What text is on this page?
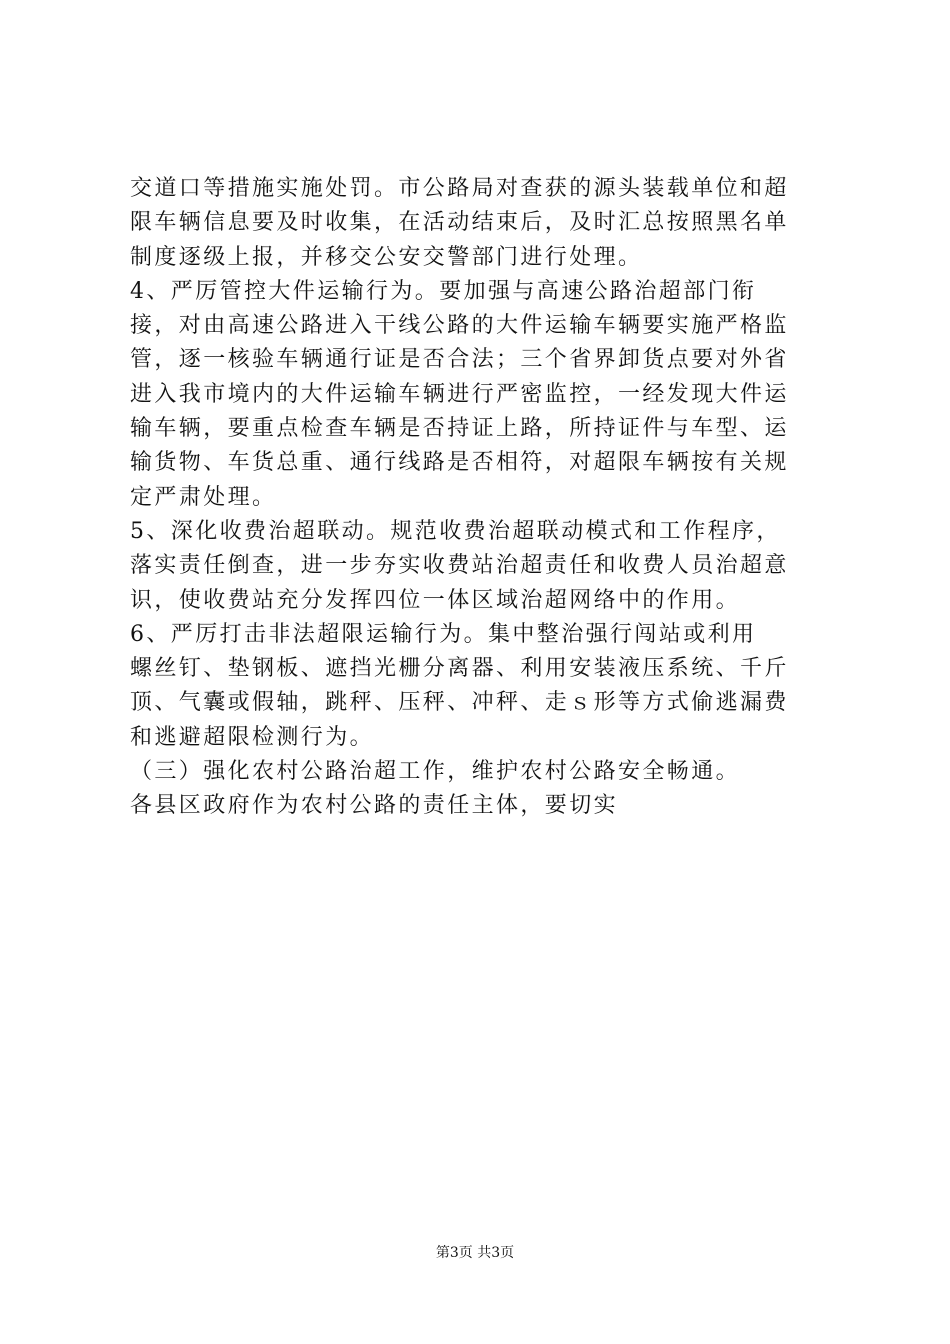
交道口等措施实施处罚。市公路局对查获的源头装载单位和超
限车辆信息要及时收集，在活动结束后，及时汇总按照黑名单
制度逐级上报，并移交公安交警部门进行处理。
4、严厉管控大件运输行为。要加强与高速公路治超部门衔
接，对由高速公路进入干线公路的大件运输车辆要实施严格监
管，逐一核验车辆通行证是否合法；三个省界卸货点要对外省
进入我市境内的大件运输车辆进行严密监控，一经发现大件运
输车辆，要重点检查车辆是否持证上路，所持证件与车型、运
输货物、车货总重、通行线路是否相符，对超限车辆按有关规
定严肃处理。
5、深化收费治超联动。规范收费治超联动模式和工作程序，
落实责任倒查，进一步夯实收费站治超责任和收费人员治超意
识，使收费站充分发挥四位一体区域治超网络中的作用。
6、严厉打击非法超限运输行为。集中整治强行闯站或利用
螺丝钉、垫钢板、遮挡光栅分离器、利用安装液压系统、千斤
顶、气囊或假轴，跳秤、压秤、冲秤、走ｓ形等方式偷逃漏费
和逃避超限检测行为。
（三）强化农村公路治超工作，维护农村公路安全畅通。
各县区政府作为农村公路的责任主体，要切实
第3页 共3页
